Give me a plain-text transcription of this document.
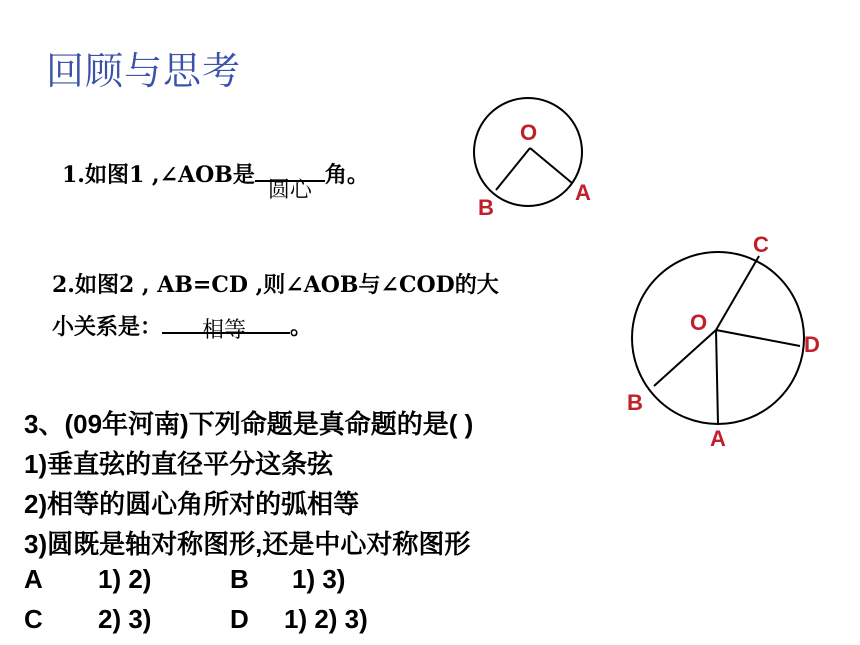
回顾与思考
1.如图1 ,∠AOB是
圆心
角。
2.如图2 , AB=CD ,则∠AOB与∠COD的大
小关系是： 相等 。
3、(09年河南)下列命题是真命题的是( )
1)垂直弦的直径平分这条弦
2)相等的圆心角所对的弧相等
3)圆既是轴对称图形,还是中心对称图形
A 1) 2)	B 1) 3)
C 2) 3)	D 1) 2) 3)
O
A
B
O
C
D
B
A
